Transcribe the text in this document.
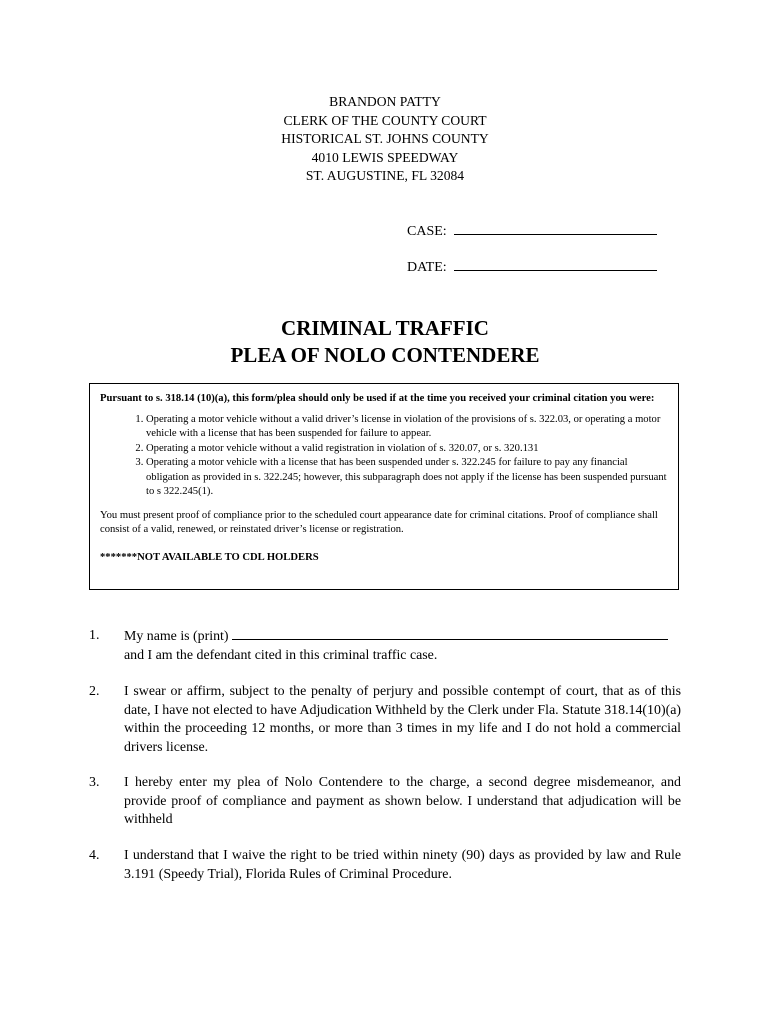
BRANDON PATTY
CLERK OF THE COUNTY COURT
HISTORICAL ST. JOHNS COUNTY
4010 LEWIS SPEEDWAY
ST. AUGUSTINE, FL 32084
CASE:
DATE:
CRIMINAL TRAFFIC
PLEA OF NOLO CONTENDERE

Pursuant to s. 318.14 (10)(a), this form/plea should only be used if at the time you received your criminal citation you were:

1. Operating a motor vehicle without a valid driver’s license in violation of the provisions of s. 322.03, or operating a motor vehicle with a license that has been suspended for failure to appear.
2. Operating a motor vehicle without a valid registration in violation of s. 320.07, or s. 320.131
3. Operating a motor vehicle with a license that has been suspended under s. 322.245 for failure to pay any financial obligation as provided in s. 322.245; however, this subparagraph does not apply if the license has been suspended pursuant to s 322.245(1).

You must present proof of compliance prior to the scheduled court appearance date for criminal citations. Proof of compliance shall consist of a valid, renewed, or reinstated driver’s license or registration.

*******NOT AVAILABLE TO CDL HOLDERS

1. My name is (print)
and I am the defendant cited in this criminal traffic case.
2. I swear or affirm, subject to the penalty of perjury and possible contempt of court, that as of this date, I have not elected to have Adjudication Withheld by the Clerk under Fla. Statute 318.14(10)(a) within the proceeding 12 months, or more than 3 times in my life and I do not hold a commercial drivers license.
3. I hereby enter my plea of Nolo Contendere to the charge, a second degree misdemeanor, and provide proof of compliance and payment as shown below. I understand that adjudication will be withheld
4. I understand that I waive the right to be tried within ninety (90) days as provided by law and Rule 3.191 (Speedy Trial), Florida Rules of Criminal Procedure.
